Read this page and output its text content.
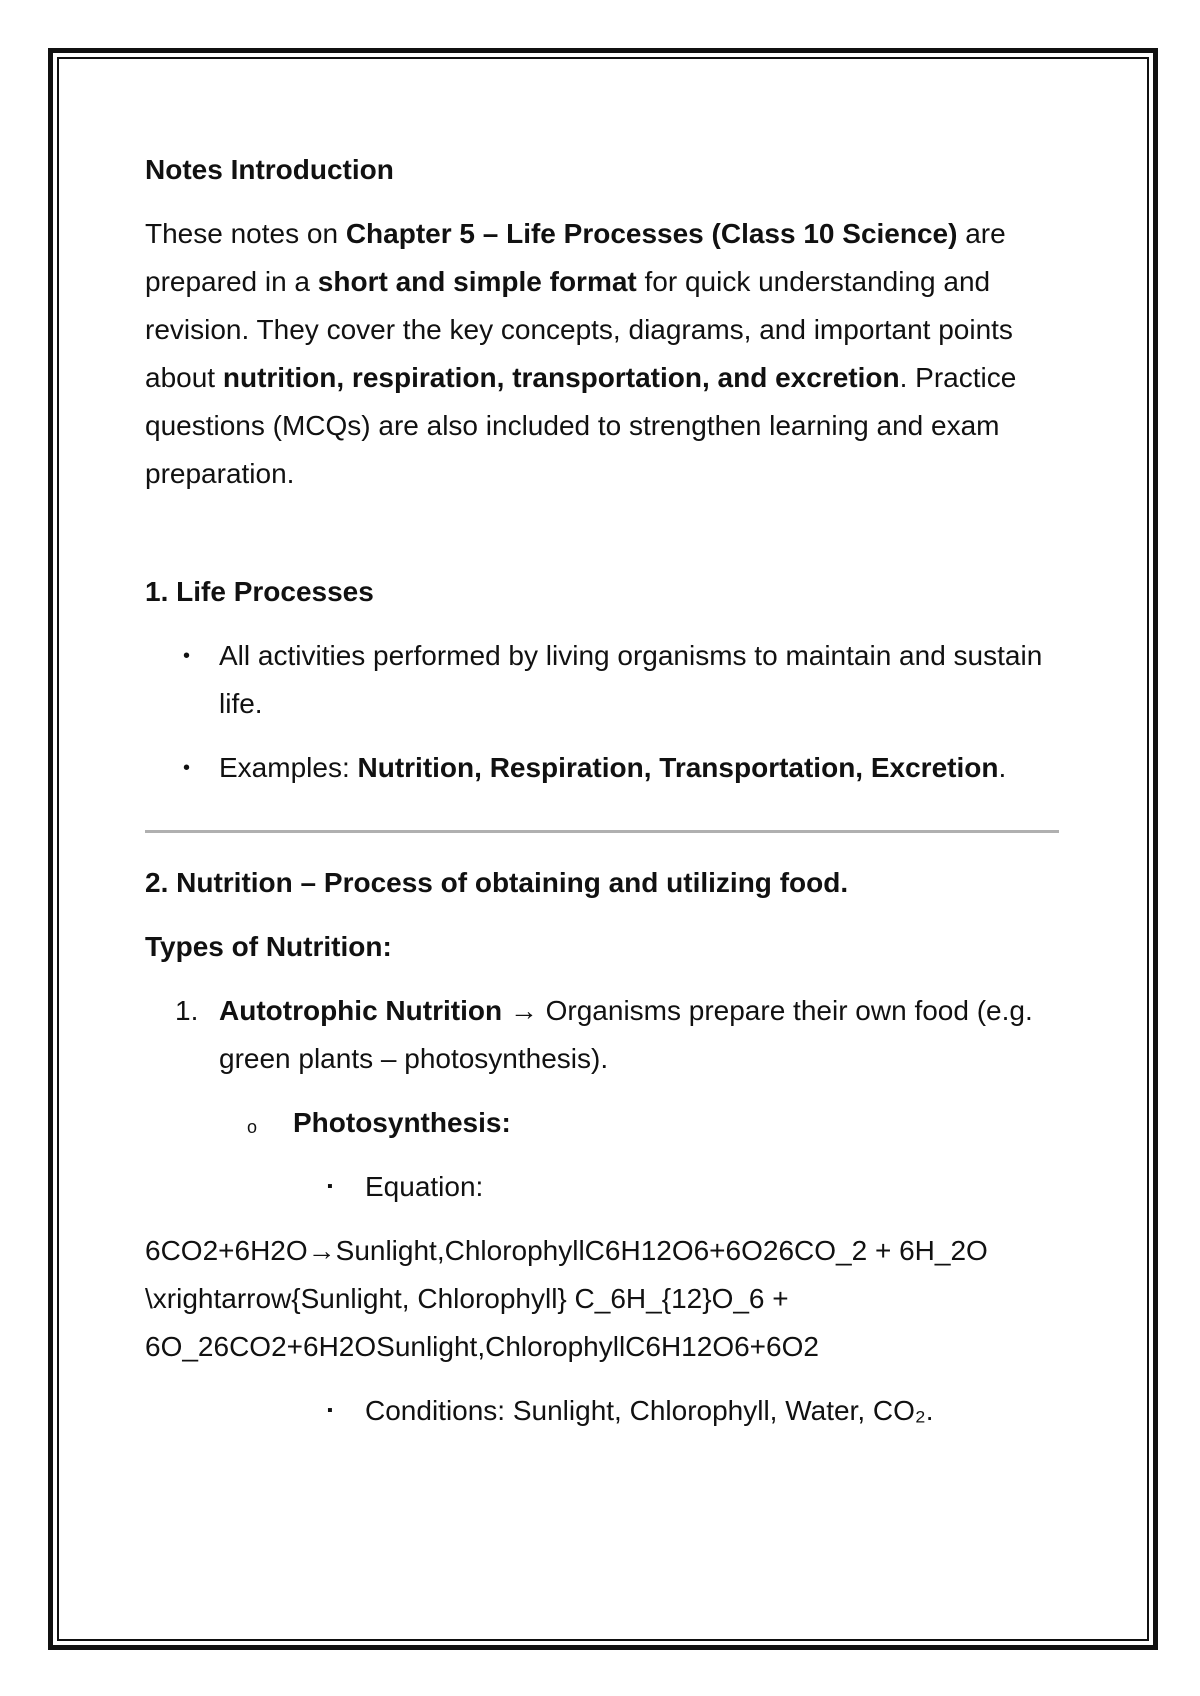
Notes Introduction

These notes on Chapter 5 – Life Processes (Class 10 Science) are prepared in a short and simple format for quick understanding and revision. They cover the key concepts, diagrams, and important points about nutrition, respiration, transportation, and excretion. Practice questions (MCQs) are also included to strengthen learning and exam preparation.

1. Life Processes

• All activities performed by living organisms to maintain and sustain life.
• Examples: Nutrition, Respiration, Transportation, Excretion.

2. Nutrition – Process of obtaining and utilizing food.

Types of Nutrition:

1. Autotrophic Nutrition → Organisms prepare their own food (e.g. green plants – photosynthesis).
o Photosynthesis:
▪ Equation:

6CO2+6H2O→Sunlight,ChlorophyllC6H12O6+6O26CO_2 + 6H_2O \xrightarrow{Sunlight, Chlorophyll} C_6H_{12}O_6 + 6O_26CO2+6H2OSunlight,ChlorophyllC6H12O6+6O2

▪ Conditions: Sunlight, Chlorophyll, Water, CO₂.
